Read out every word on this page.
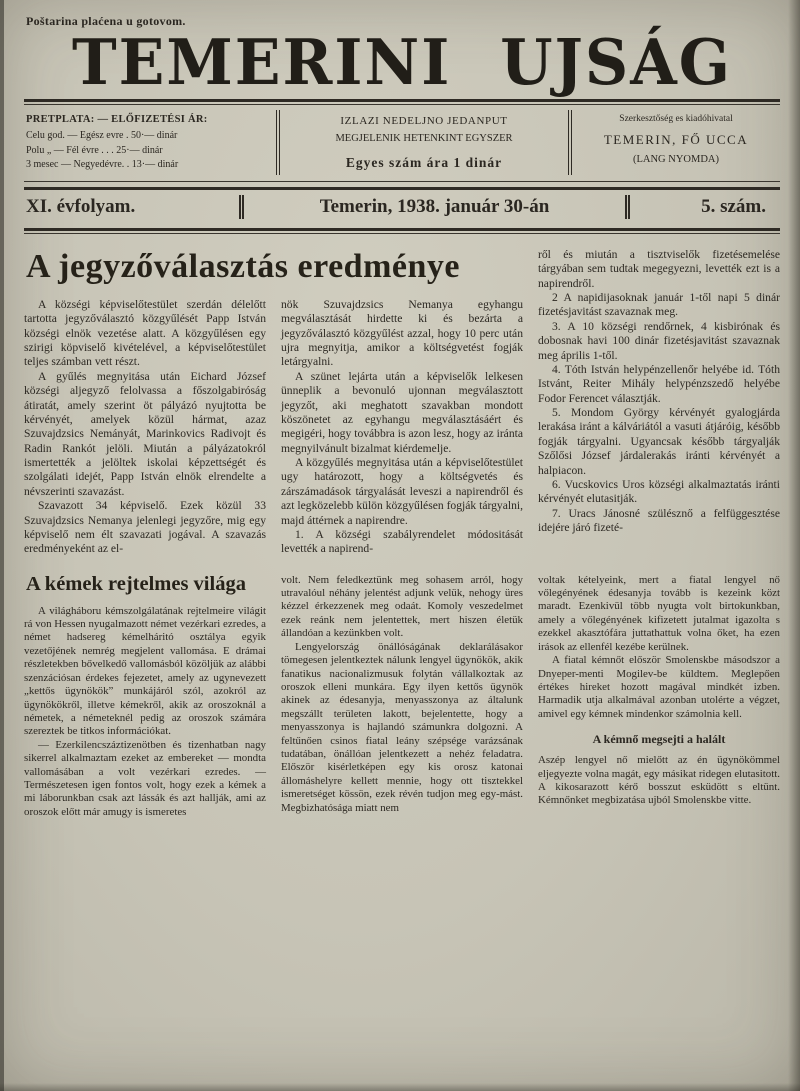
Poštarina plaćena u gotovom.
TEMERINI UJSÁG
PRETPLATA: — ELŐFIZETÉSI ÁR:
Celu god. — Egész evre . 50·— dinár
Polu „ — Fél évre . . . 25·— dinár
3 mesec — Negyedévre. . 13·— dinár
IZLAZI NEDELJNO JEDANPUT
MEGJELENIK HETENKINT EGYSZER
Egyes szám ára 1 dinár
Szerkesztőség es kiadóhivatal
TEMERIN, FŐ UCCA
(LANG NYOMDA)
XI. évfolyam.	Temerin, 1938. január 30-án	5. szám.
A jegyzőválasztás eredménye

A községi képviselőtestület szerdán délelőtt tartotta jegyzőválasztó közgyűlését Papp István községi elnök vezetése alatt. A közgyűlésen egy szirigi köpviselő kivételével, a képviselőtestület teljes számban vett részt.

A gyűlés megnyitása után Eichard József községi aljegyző felolvassa a főszolgabiróság átiratát, amely szerint öt pályázó nyujtotta be kérvényét, amelyek közül hármat, azaz Szuvajdzsics Nemányát, Marinkovics Radivojt és Radin Rankót jelöli. Miután a pályázatokról ismertették a jelöltek iskolai képzettségét és szolgálati idejét, Papp István elnök elrendelte a névszerinti szavazást.

Szavazott 34 képviselő. Ezek közül 33 Szuvajdzsics Nemanya jelenlegi jegyzőre, mig egy képviselő nem élt szavazati jogával. A szavazás eredményeként az el-

nök Szuvajdzsics Nemanya egyhangu megválasztását hirdette ki és bezárta a jegyzőválasztó közgyűlést azzal, hogy 10 perc után ujra megnyitja, amikor a költségvetést fogják letárgyalni.

A szünet lejárta után a képviselők lelkesen ünneplik a bevonuló ujonnan megválasztott jegyzőt, aki meghatott szavakban mondott köszönetet az egyhangu megválasztásáért és megigéri, hogy továbbra is azon lesz, hogy az iránta megnyilvánult bizalmat kiérdemelje.

A közgyűlés megnyitása után a képviselőtestület ugy határozott, hogy a költségvetés és zárszámadások tárgyalását leveszi a napirendről és azt legközelebb külön közgyűlésen fogják tárgyalni, majd áttérnek a napirendre.

1. A községi szabályrendelet módositását levették a napirend-

ről és miután a tisztviselők fizetésemelése tárgyában sem tudtak megegyezni, levették ezt is a napirendről.

2 A napidijasoknak január 1-től napi 5 dinár fizetésjavitást szavaznak meg.

3. A 10 községi rendőrnek, 4 kisbirónak és dobosnak havi 100 dinár fizetésjavitást szavaznak meg április 1-től.

4. Tóth István helypénzellenőr helyébe id. Tóth Istvánt, Reiter Mihály helypénzszedő helyébe Fodor Ferencet választják.

5. Mondom György kérvényét gyalogjárda lerakása iránt a kálváriától a vasuti átjáróig, később fogják tárgyalni. Ugyancsak később tárgyalják Szőlősi József járdalerakás iránti kérvényét a halpiacon.

6. Vucskovics Uros községi alkalmaztatás iránti kérvényét elutasitják.

7. Uracs Jánosné szülésznő a felfüggesztése idejére járó fizeté-

A kémek rejtelmes világa

A világháboru kémszolgálatának rejtelmeire világit rá von Hessen nyugalmazott német vezérkari ezredes, a német hadsereg kémelháritó osztálya egyik vezetőjének nemrég megjelent vallomása. E drámai részletekben bővelkedő vallomásból közöljük az alábbi szenzációsan érdekes fejezetet, amely az ugynevezett „kettős ügynökök” munkájáról szól, azokról az ügynökökről, illetve kémekről, akik az oroszoknál a németek, a németeknél pedig az oroszok számára szereztek be titkos információkat.

— Ezerkilencszáztizenötben és tizenhatban nagy sikerrel alkalmaztam ezeket az embereket — mondta vallomásában a volt vezérkari ezredes. — Természetesen igen fontos volt, hogy ezek a kémek a mi láborunkban csak azt lássák és azt hallják, ami az oroszok előtt már amugy is ismeretes

volt. Nem feledkeztünk meg sohasem arról, hogy utravalóul néhány jelentést adjunk velük, nehogy üres kézzel érkezzenek meg odaát. Komoly veszedelmet ezek reánk nem jelentettek, mert hiszen életük állandóan a kezünkben volt.

Lengyelország önállóságának deklarálásakor tömegesen jelentkeztek nálunk lengyel ügynökök, akik fanatikus nacionalizmusuk folytán vállalkoztak az oroszok elleni munkára. Egy ilyen kettős ügynök akinek az édesanyja, menyasszonya az általunk megszállt területen lakott, bejelentette, hogy a menyasszonya is hajlandó számunkra dolgozni. A feltűnően csinos fiatal leány szépsége varázsának tudatában, önállóan jelentkezett a nehéz feladatra. Először kisérletképen egy kis orosz katonai állomáshelyre kellett mennie, hogy ott tisztekkel ismeretséget kössön, ezek révén tudjon meg egy-mást. Megbizhatósága miatt nem

voltak kételyeink, mert a fiatal lengyel nő vőlegényének édesanyja tovább is kezeink közt maradt. Ezenkivül több nyugta volt birtokunkban, amely a vőlegényének kifizetett jutalmat igazolta s ezekkel akasztófára juttathattuk volna őket, ha ezen irások az ellenfél kezébe kerülnek.

A fiatal kémnőt először Smolenskbe másodszor a Dnyeper-menti Mogilev-be küldtem. Meglepően értékes hireket hozott magával mindkét izben. Harmadik utja alkalmával azonban utolérte a végzet, amivel egy kémnek mindenkor számolnia kell.

A kémnő megsejti a halált

Aszép lengyel nő mielőtt az én ügynökömmel eljegyezte volna magát, egy másikat ridegen elutasitott. A kikosarazott kérő bosszut esküdött s eltünt. Kémnőnket megbizatása ujból Smolenskbe vitte.
